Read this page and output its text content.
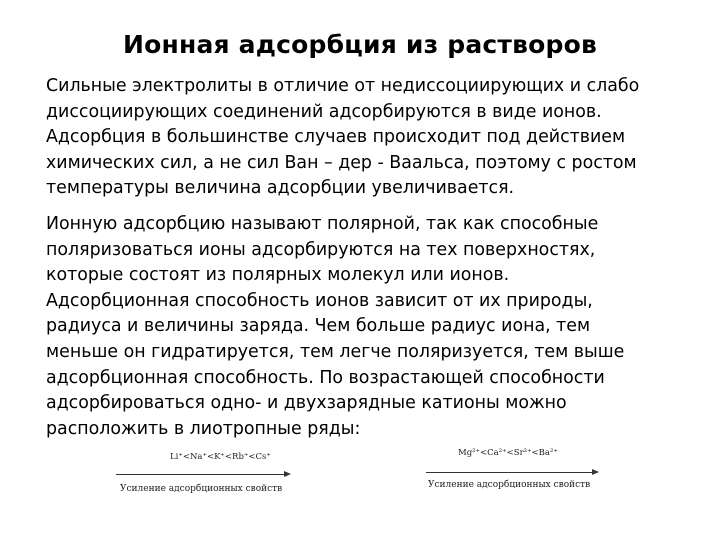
Ионная адсорбция из растворов

Сильные электролиты в отличие от недиссоциирующих и слабо
диссоциирующих соединений адсорбируются в виде ионов.
Адсорбция в большинстве случаев происходит под действием
химических сил, а не сил Ван – дер - Ваальса, поэтому с ростом
температуры величина адсорбции увеличивается.

Ионную адсорбцию называют полярной, так как способные
поляризоваться ионы адсорбируются на тех поверхностях,
которые состоят из полярных молекул или ионов.
Адсорбционная способность ионов зависит от их природы,
радиуса и величины заряда. Чем больше радиус иона, тем
меньше он гидратируется, тем легче поляризуется, тем выше
адсорбционная способность. По возрастающей способности
адсорбироваться одно- и двухзарядные катионы можно
расположить в лиотропные ряды:

Li⁺<Na⁺<K⁺<Rb⁺<Cs⁺
Усиление адсорбционных свойств
Mg²⁺<Ca²⁺<Sr²⁺<Ba²⁺
Усиление адсорбционных свойств
